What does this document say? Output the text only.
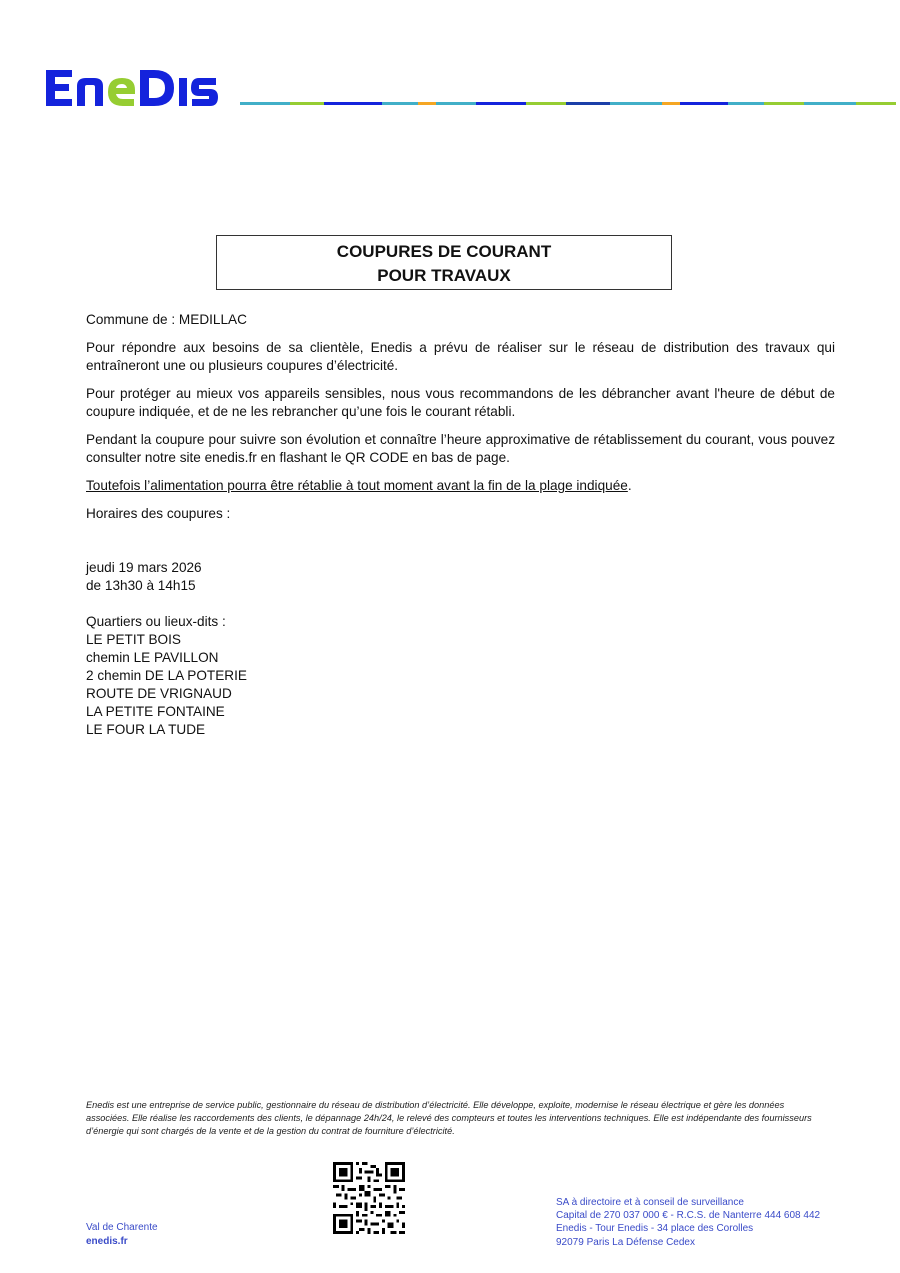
COUPURES DE COURANT
POUR TRAVAUX

Commune de : MEDILLAC

Pour répondre aux besoins de sa clientèle, Enedis a prévu de réaliser sur le réseau de distribution des travaux qui entraîneront une ou plusieurs coupures d’électricité.

Pour protéger au mieux vos appareils sensibles, nous vous recommandons de les débrancher avant l'heure de début de coupure indiquée, et de ne les rebrancher qu’une fois le courant rétabli.

Pendant la coupure pour suivre son évolution et connaître l’heure approximative de rétablissement du courant, vous pouvez consulter notre site enedis.fr en flashant le QR CODE en bas de page.

Toutefois l’alimentation pourra être rétablie à tout moment avant la fin de la plage indiquée.

Horaires des coupures :

jeudi 19 mars 2026
de 13h30 à 14h15
Quartiers ou lieux-dits :
LE PETIT BOIS
chemin LE PAVILLON
2 chemin DE LA POTERIE
ROUTE DE VRIGNAUD
LA PETITE FONTAINE
LE FOUR LA TUDE
Enedis est une entreprise de service public, gestionnaire du réseau de distribution d’électricité. Elle développe, exploite, modernise le réseau électrique et gère les données associées. Elle réalise les raccordements des clients, le dépannage 24h/24, le relevé des compteurs et toutes les interventions techniques. Elle est indépendante des fournisseurs d’énergie qui sont chargés de la vente et de la gestion du contrat de fourniture d’électricité.
Val de Charente
enedis.fr
SA à directoire et à conseil de surveillance
Capital de 270 037 000 € - R.C.S. de Nanterre 444 608 442
Enedis - Tour Enedis - 34 place des Corolles
92079 Paris La Défense Cedex
